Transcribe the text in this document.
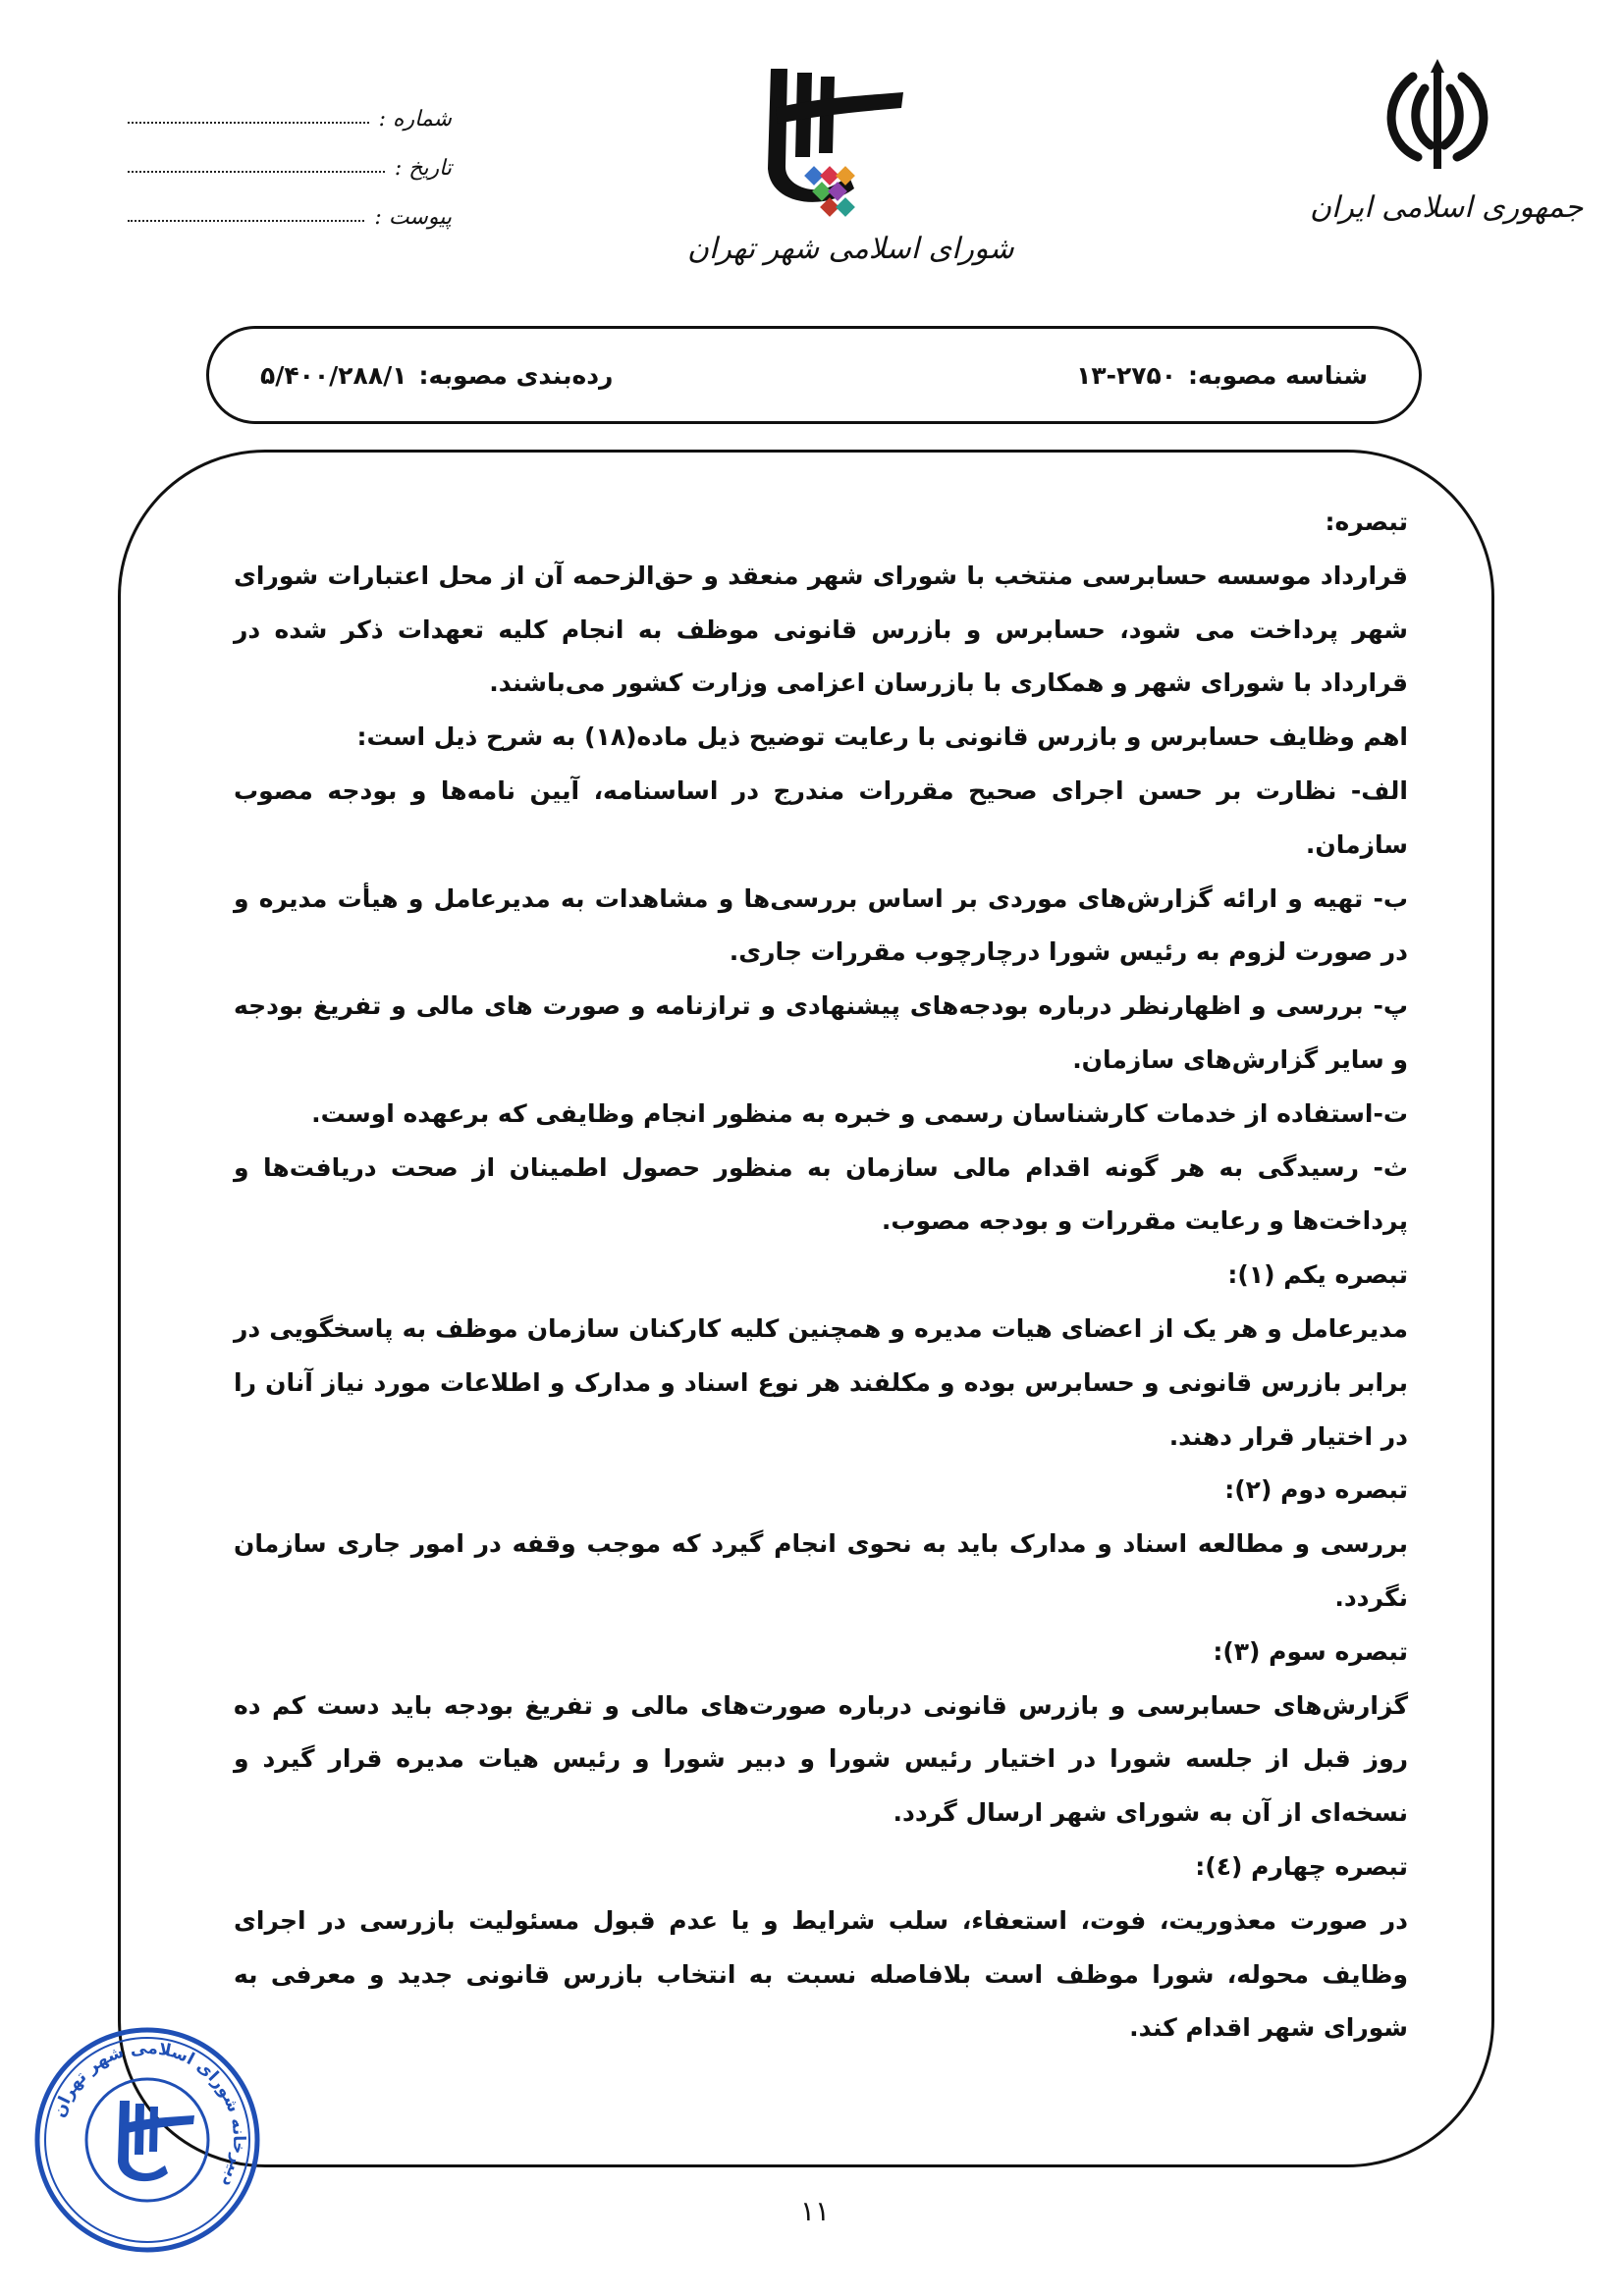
جمهوری اسلامی ایران
شورای اسلامی شهر تهران
شماره :
تاریخ :
پیوست :
شناسه مصوبه:
۱۳-۲۷۵۰
رده‌بندی مصوبه:
۵/۴۰۰/۲۸۸/۱

تبصره:

قرارداد موسسه حسابرسی منتخب با شورای شهر منعقد و حق‌الزحمه آن از محل اعتبارات شورای شهر پرداخت می شود، حسابرس و بازرس قانونی موظف به انجام کلیه تعهدات ذکر شده در قرارداد با شورای شهر و همکاری با بازرسان اعزامی وزارت کشور می‌باشند.

اهم وظایف حسابرس و بازرس قانونی با رعایت توضیح ذیل ماده(۱۸) به شرح ذیل است:

الف- نظارت بر حسن اجرای صحیح مقررات مندرج در اساسنامه، آیین نامه‌ها و بودجه مصوب سازمان.

ب- تهیه و ارائه گزارش‌های موردی بر اساس بررسی‌ها و مشاهدات به مدیرعامل و هیأت مدیره و در صورت لزوم به رئیس شورا درچارچوب مقررات جاری.

پ- بررسی و اظهارنظر درباره بودجه‌های پیشنهادی و ترازنامه و صورت های مالی و تفریغ بودجه و سایر گزارش‌های سازمان.

ت-استفاده از خدمات کارشناسان رسمی و خبره به منظور انجام وظایفی که برعهده اوست.

ث- رسیدگی به هر گونه اقدام مالی سازمان به منظور حصول اطمینان از صحت دریافت‌ها و پرداخت‌ها و رعایت مقررات و بودجه مصوب.

تبصره یکم (۱):

مدیرعامل و هر یک از اعضای هیات مدیره و همچنین کلیه کارکنان سازمان موظف به پاسخگویی در برابر بازرس قانونی و حسابرس بوده و مکلفند هر نوع اسناد و مدارک و اطلاعات مورد نیاز آنان را در اختیار قرار دهند.

تبصره دوم (۲):

بررسی و مطالعه اسناد و مدارک باید به نحوی انجام گیرد که موجب وقفه در امور جاری سازمان نگردد.

تبصره سوم (۳):

گزارش‌های حسابرسی و بازرس قانونی درباره صورت‌های مالی و تفریغ بودجه باید دست کم ده روز قبل از جلسه شورا در اختیار رئیس شورا و دبیر شورا و رئیس هیات مدیره قرار گیرد و نسخه‌ای از آن به شورای شهر ارسال گردد.

تبصره چهارم (٤):

در صورت معذوریت، فوت، استعفاء، سلب شرایط و یا عدم قبول مسئولیت بازرسی در اجرای وظایف محوله، شورا موظف است بلافاصله نسبت به انتخاب بازرس قانونی جدید و معرفی به شورای شهر اقدام کند.

۱۱
دبیرخانه شورای اسلامی شهر تهران
